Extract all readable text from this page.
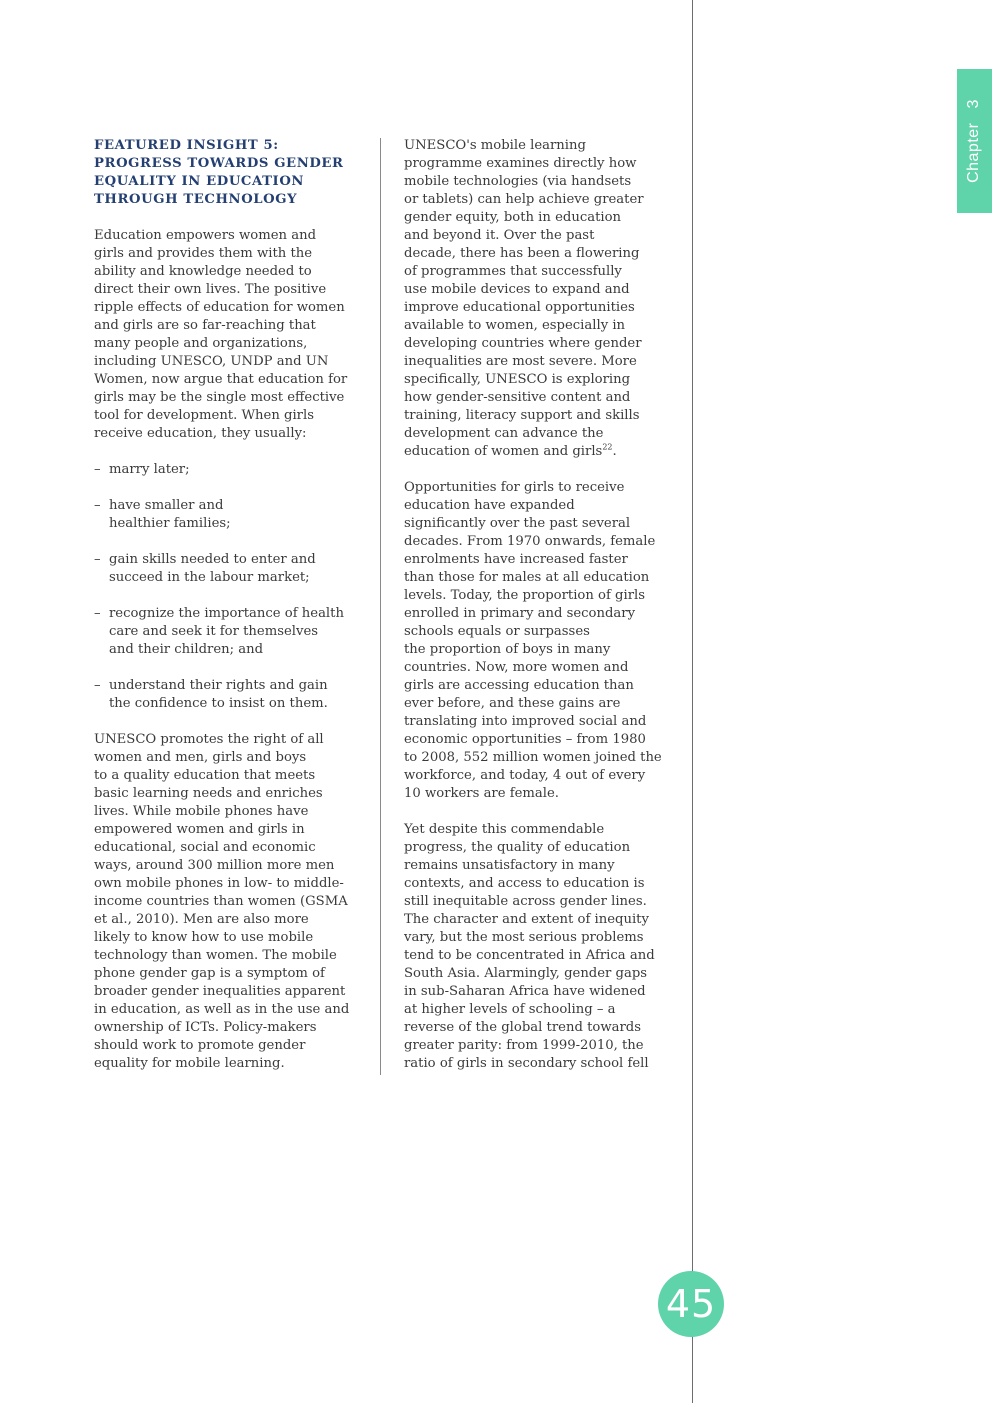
Chapter3
FEATURED INSIGHT 5:
PROGRESS TOWARDS GENDER
EQUALITY IN EDUCATION
THROUGH TECHNOLOGY

Education empowers women and
girls and provides them with the
ability and knowledge needed to
direct their own lives. The positive
ripple effects of education for women
and girls are so far-reaching that
many people and organizations,
including UNESCO, UNDP and UN
Women, now argue that education for
girls may be the single most effective
tool for development. When girls
receive education, they usually:

– marry later;
– have smaller and
healthier families;
– gain skills needed to enter and
succeed in the labour market;
– recognize the importance of health
care and seek it for themselves
and their children; and
– understand their rights and gain
the confidence to insist on them.

UNESCO promotes the right of all
women and men, girls and boys
to a quality education that meets
basic learning needs and enriches
lives. While mobile phones have
empowered women and girls in
educational, social and economic
ways, around 300 million more men
own mobile phones in low- to middle-
income countries than women (GSMA
et al., 2010). Men are also more
likely to know how to use mobile
technology than women. The mobile
phone gender gap is a symptom of
broader gender inequalities apparent
in education, as well as in the use and
ownership of ICTs. Policy-makers
should work to promote gender
equality for mobile learning.

UNESCO's mobile learning
programme examines directly how
mobile technologies (via handsets
or tablets) can help achieve greater
gender equity, both in education
and beyond it. Over the past
decade, there has been a flowering
of programmes that successfully
use mobile devices to expand and
improve educational opportunities
available to women, especially in
developing countries where gender
inequalities are most severe. More
specifically, UNESCO is exploring
how gender-sensitive content and
training, literacy support and skills
development can advance the
education of women and girls$^{22}$.

Opportunities for girls to receive
education have expanded
significantly over the past several
decades. From 1970 onwards, female
enrolments have increased faster
than those for males at all education
levels. Today, the proportion of girls
enrolled in primary and secondary
schools equals or surpasses
the proportion of boys in many
countries. Now, more women and
girls are accessing education than
ever before, and these gains are
translating into improved social and
economic opportunities – from 1980
to 2008, 552 million women joined the
workforce, and today, 4 out of every
10 workers are female.

Yet despite this commendable
progress, the quality of education
remains unsatisfactory in many
contexts, and access to education is
still inequitable across gender lines.
The character and extent of inequity
vary, but the most serious problems
tend to be concentrated in Africa and
South Asia. Alarmingly, gender gaps
in sub-Saharan Africa have widened
at higher levels of schooling – a
reverse of the global trend towards
greater parity: from 1999-2010, the
ratio of girls in secondary school fell

45
